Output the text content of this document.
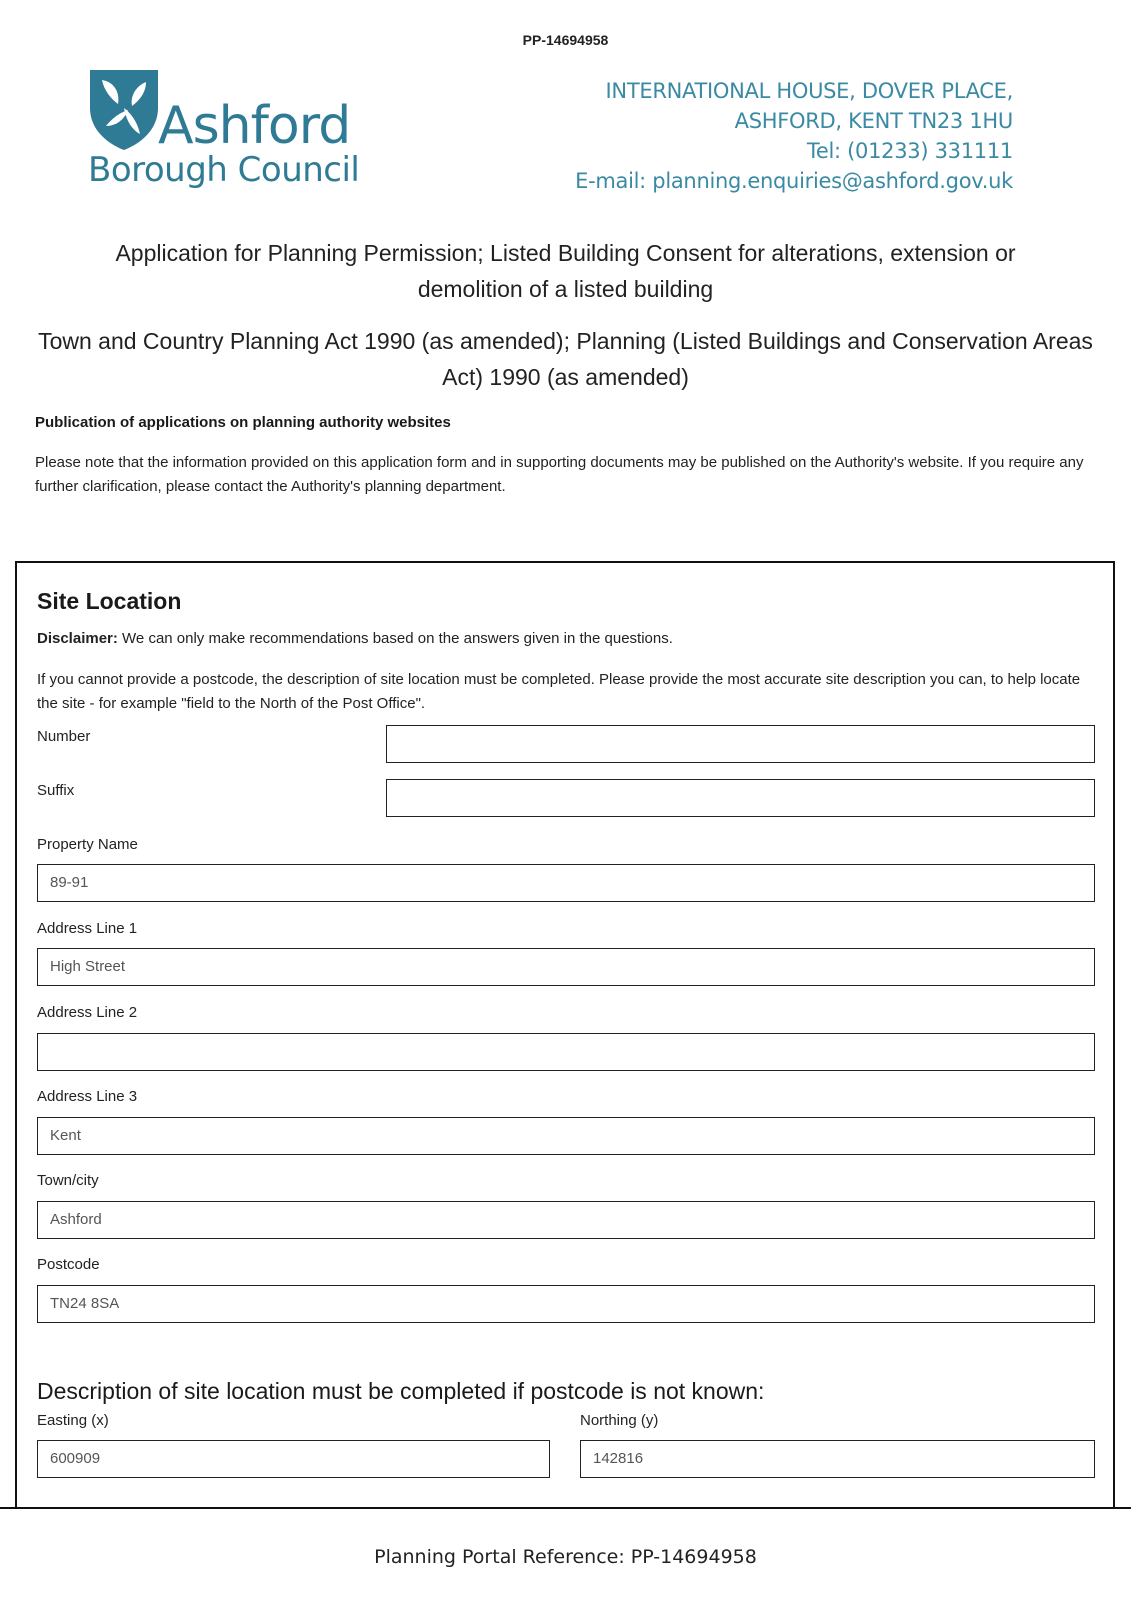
PP-14694958
Ashford
Borough Council
INTERNATIONAL HOUSE, DOVER PLACE,
ASHFORD, KENT TN23 1HU
Tel: (01233) 331111
E-mail: planning.enquiries@ashford.gov.uk
Application for Planning Permission; Listed Building Consent for alterations, extension or demolition of a listed building
Town and Country Planning Act 1990 (as amended); Planning (Listed Buildings and Conservation Areas Act) 1990 (as amended)
Publication of applications on planning authority websites
Please note that the information provided on this application form and in supporting documents may be published on the Authority's website. If you require any further clarification, please contact the Authority's planning department.
Site Location
Disclaimer: We can only make recommendations based on the answers given in the questions.
If you cannot provide a postcode, the description of site location must be completed. Please provide the most accurate site description you can, to help locate the site - for example "field to the North of the Post Office".
Number
Suffix
Property Name
89-91
Address Line 1
High Street
Address Line 2
Address Line 3
Kent
Town/city
Ashford
Postcode
TN24 8SA
Description of site location must be completed if postcode is not known:
Easting (x)
600909
Northing (y)
142816
Planning Portal Reference: PP-14694958
